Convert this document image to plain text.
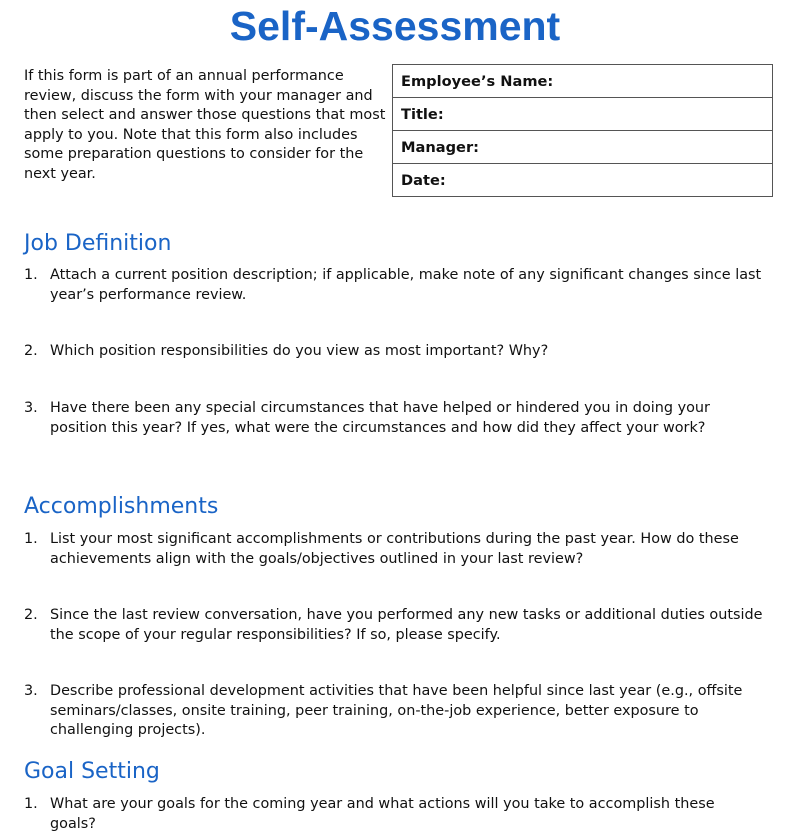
Self-Assessment

If this form is part of an annual performance review, discuss the form with your manager and then select and answer those questions that most apply to you. Note that this form also includes some preparation questions to consider for the next year.

Employee’s Name:
Title:
Manager:
Date:
Job Definition
1. Attach a current position description; if applicable, make note of any significant changes since last year’s performance review.
2. Which position responsibilities do you view as most important? Why?
3. Have there been any special circumstances that have helped or hindered you in doing your position this year? If yes, what were the circumstances and how did they affect your work?
Accomplishments
1. List your most significant accomplishments or contributions during the past year. How do these achievements align with the goals/objectives outlined in your last review?
2. Since the last review conversation, have you performed any new tasks or additional duties outside the scope of your regular responsibilities? If so, please specify.
3. Describe professional development activities that have been helpful since last year (e.g., offsite seminars/classes, onsite training, peer training, on-the-job experience, better exposure to challenging projects).
Goal Setting
1. What are your goals for the coming year and what actions will you take to accomplish these goals?
